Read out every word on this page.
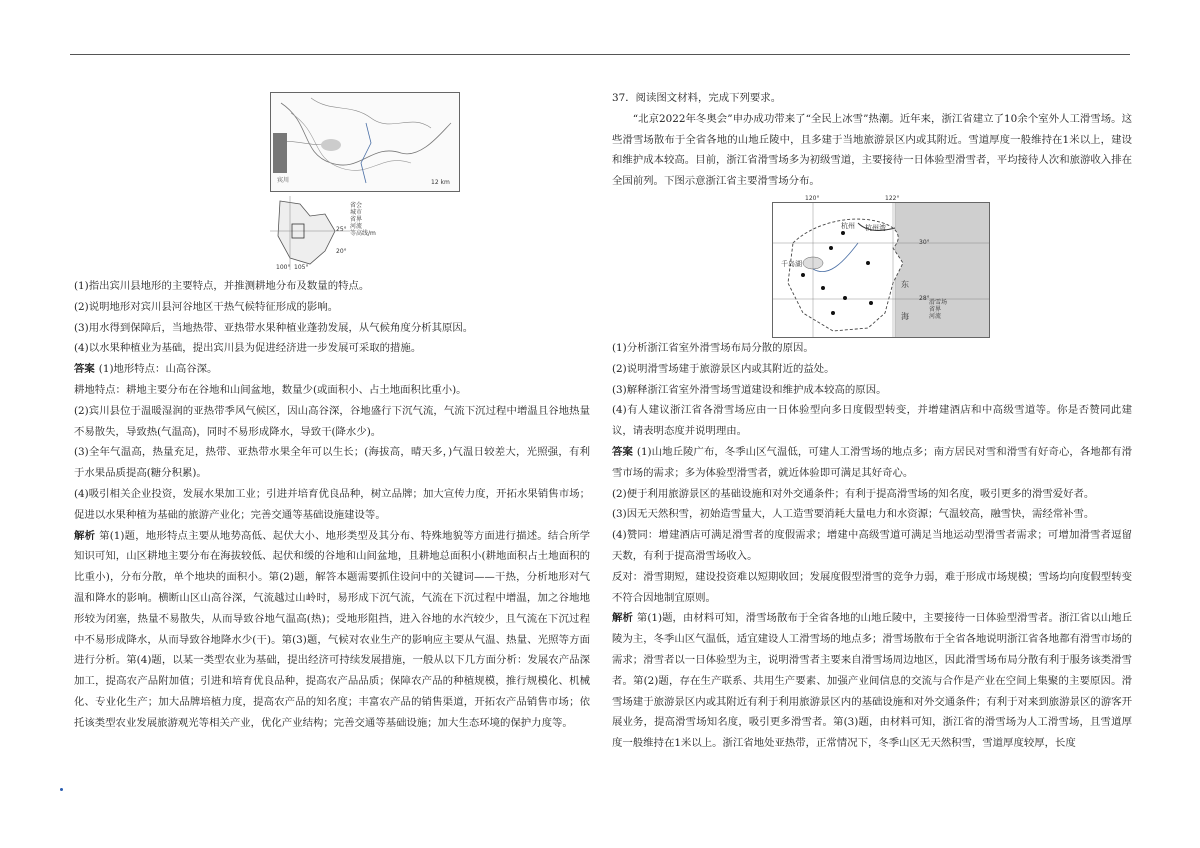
宾川	12 km
省会
城市
省界
河流
等高线/m
100° 105°
25°
20°

(1)指出宾川县地形的主要特点，并推测耕地分布及数量的特点。

(2)说明地形对宾川县河谷地区干热气候特征形成的影响。

(3)用水得到保障后，当地热带、亚热带水果种植业蓬勃发展，从气候角度分析其原因。

(4)以水果种植业为基础，提出宾川县为促进经济进一步发展可采取的措施。

答案 (1)地形特点：山高谷深。

耕地特点：耕地主要分布在谷地和山间盆地，数量少(或面积小、占土地面积比重小)。

(2)宾川县位于温暖湿润的亚热带季风气候区，因山高谷深，谷地盛行下沉气流，气流下沉过程中增温且谷地热量不易散失，导致热(气温高)，同时不易形成降水，导致干(降水少)。

(3)全年气温高，热量充足，热带、亚热带水果全年可以生长；(海拔高，晴天多，)气温日较差大，光照强，有利于水果品质提高(糖分积累)。

(4)吸引相关企业投资，发展水果加工业；引进并培育优良品种，树立品牌；加大宣传力度，开拓水果销售市场；促进以水果种植为基础的旅游产业化；完善交通等基础设施建设等。

解析 第(1)题，地形特点主要从地势高低、起伏大小、地形类型及其分布、特殊地貌等方面进行描述。结合所学知识可知，山区耕地主要分布在海拔较低、起伏和缓的谷地和山间盆地，且耕地总面积小(耕地面积占土地面积的比重小)，分布分散，单个地块的面积小。第(2)题，解答本题需要抓住设问中的关键词——干热，分析地形对气温和降水的影响。横断山区山高谷深，气流越过山岭时，易形成下沉气流，气流在下沉过程中增温，加之谷地地形较为闭塞，热量不易散失，从而导致谷地气温高(热)；受地形阻挡，进入谷地的水汽较少，且气流在下沉过程中不易形成降水，从而导致谷地降水少(干)。第(3)题，气候对农业生产的影响应主要从气温、热量、光照等方面进行分析。第(4)题，以某一类型农业为基础，提出经济可持续发展措施，一般从以下几方面分析：发展农产品深加工，提高农产品附加值；引进和培育优良品种，提高农产品品质；保障农产品的种植规模，推行规模化、机械化、专业化生产；加大品牌培植力度，提高农产品的知名度；丰富农产品的销售渠道，开拓农产品销售市场；依托该类型农业发展旅游观光等相关产业，优化产业结构；完善交通等基础设施；加大生态环境的保护力度等。

37．阅读图文材料，完成下列要求。

“北京2022年冬奥会”申办成功带来了“全民上冰雪”热潮。近年来，浙江省建立了10余个室外人工滑雪场。这些滑雪场散布于全省各地的山地丘陵中，且多建于当地旅游景区内或其附近。雪道厚度一般维持在1米以上，建设和维护成本较高。目前，浙江省滑雪场多为初级雪道，主要接待一日体验型滑雪者，平均接待人次和旅游收入排在全国前列。下图示意浙江省主要滑雪场分布。

120°	122°
30°
28°
杭州 杭州湾
千岛湖
东
海
滑雪场
省界
河流

(1)分析浙江省室外滑雪场布局分散的原因。

(2)说明滑雪场建于旅游景区内或其附近的益处。

(3)解释浙江省室外滑雪场雪道建设和维护成本较高的原因。

(4)有人建议浙江省各滑雪场应由一日体验型向多日度假型转变，并增建酒店和中高级雪道等。你是否赞同此建议，请表明态度并说明理由。

答案 (1)山地丘陵广布，冬季山区气温低，可建人工滑雪场的地点多；南方居民对雪和滑雪有好奇心，各地都有滑雪市场的需求；多为体验型滑雪者，就近体验即可满足其好奇心。

(2)便于利用旅游景区的基础设施和对外交通条件；有利于提高滑雪场的知名度，吸引更多的滑雪爱好者。

(3)因无天然积雪，初始造雪量大，人工造雪要消耗大量电力和水资源；气温较高，融雪快，需经常补雪。

(4)赞同：增建酒店可满足滑雪者的度假需求；增建中高级雪道可满足当地运动型滑雪者需求；可增加滑雪者逗留天数，有利于提高滑雪场收入。

反对：滑雪期短，建设投资难以短期收回；发展度假型滑雪的竞争力弱，难于形成市场规模；雪场均向度假型转变不符合因地制宜原则。

解析 第(1)题，由材料可知，滑雪场散布于全省各地的山地丘陵中，主要接待一日体验型滑雪者。浙江省以山地丘陵为主，冬季山区气温低，适宜建设人工滑雪场的地点多；滑雪场散布于全省各地说明浙江省各地都有滑雪市场的需求；滑雪者以一日体验型为主，说明滑雪者主要来自滑雪场周边地区，因此滑雪场布局分散有利于服务该类滑雪者。第(2)题，存在生产联系、共用生产要素、加强产业间信息的交流与合作是产业在空间上集聚的主要原因。滑雪场建于旅游景区内或其附近有利于利用旅游景区内的基础设施和对外交通条件；有利于对来到旅游景区的游客开展业务，提高滑雪场知名度，吸引更多滑雪者。第(3)题，由材料可知，浙江省的滑雪场为人工滑雪场，且雪道厚度一般维持在1米以上。浙江省地处亚热带，正常情况下，冬季山区无天然积雪，雪道厚度较厚，长度
